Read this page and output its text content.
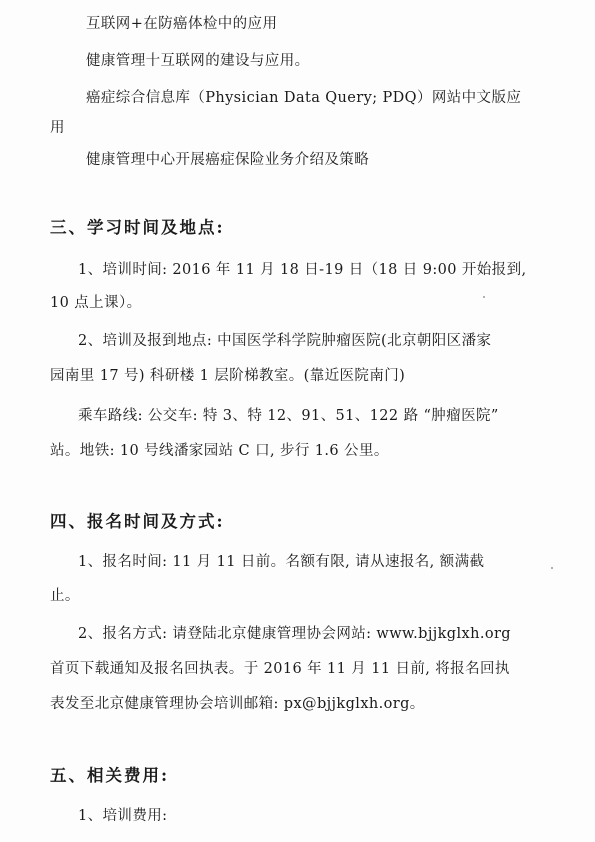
互联网+在防癌体检中的应用
健康管理十互联网的建设与应用。
癌症综合信息库（Physician Data Query; PDQ）网站中文版应
用
健康管理中心开展癌症保险业务介绍及策略
三、学习时间及地点:
1、培训时间: 2016 年 11 月 18 日-19 日（18 日 9:00 开始报到,
10 点上课）。
2、培训及报到地点: 中国医学科学院肿瘤医院(北京朝阳区潘家
园南里 17 号) 科研楼 1 层阶梯教室。(靠近医院南门)
乘车路线: 公交车: 特 3、特 12、91、51、122 路 “肿瘤医院”
站。地铁: 10 号线潘家园站 C 口, 步行 1.6 公里。
四、报名时间及方式:
1、报名时间: 11 月 11 日前。名额有限, 请从速报名, 额满截
止。
2、报名方式: 请登陆北京健康管理协会网站: www.bjjkglxh.org
首页下载通知及报名回执表。于 2016 年 11 月 11 日前, 将报名回执
表发至北京健康管理协会培训邮箱: px@bjjkglxh.org。
五、相关费用:
1、培训费用:
